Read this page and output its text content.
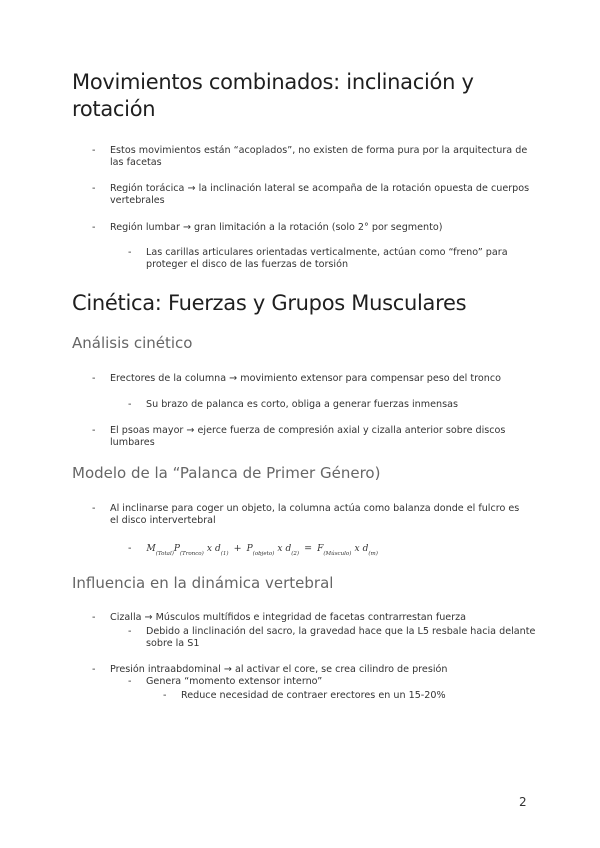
Movimientos combinados: inclinación y rotación
- Estos movimientos están “acoplados”, no existen de forma pura por la arquitectura de las facetas
- Región torácica → la inclinación lateral se acompaña de la rotación opuesta de cuerpos vertebrales
- Región lumbar → gran limitación a la rotación (solo 2° por segmento)
- Las carillas articulares orientadas verticalmente, actúan como “freno” para proteger el disco de las fuerzas de torsión
Cinética: Fuerzas y Grupos Musculares
Análisis cinético
- Erectores de la columna → movimiento extensor para compensar peso del tronco
- Su brazo de palanca es corto, obliga a generar fuerzas inmensas
- El psoas mayor → ejerce fuerza de compresión axial y cizalla anterior sobre discos lumbares
Modelo de la “Palanca de Primer Género)
- Al inclinarse para coger un objeto, la columna actúa como balanza donde el fulcro es el disco intervertebral
- $M_{(Total)}P_{(Tronco)}$ x $d_{(1)} + P_{(objeto)}$ x $d_{(2)} = F_{(Músculo)}$ x $d_{(m)}$
Influencia en la dinámica vertebral
- Cizalla → Músculos multífidos e integridad de facetas contrarrestan fuerza
- Debido a linclinación del sacro, la gravedad hace que la L5 resbale hacia delante sobre la S1
- Presión intraabdominal → al activar el core, se crea cilindro de presión
- Genera “momento extensor interno”
- Reduce necesidad de contraer erectores en un 15-20%
2
